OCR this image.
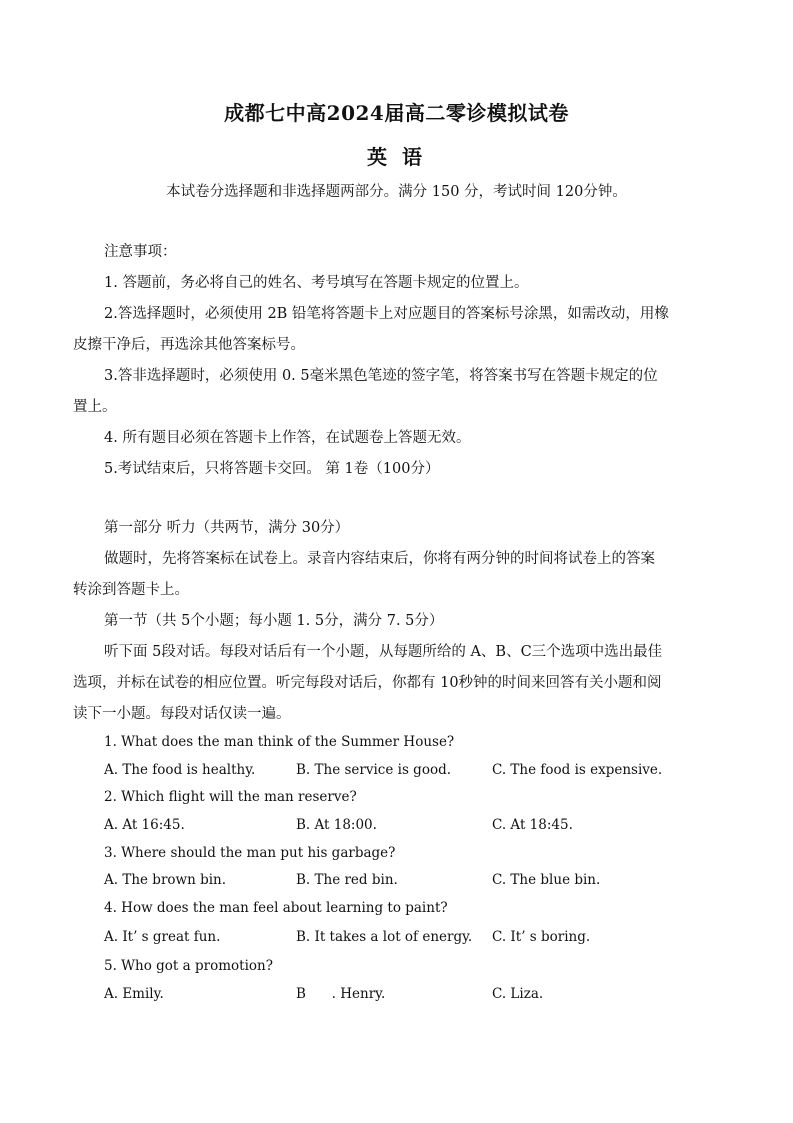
成都七中高2024届高二零诊模拟试卷
英 语
本试卷分选择题和非选择题两部分。满分 150 分，考试时间 120分钟。
注意事项：
1. 答题前，务必将自己的姓名、考号填写在答题卡规定的位置上。
2.答选择题时，必须使用 2B 铅笔将答题卡上对应题目的答案标号涂黑，如需改动，用橡
皮擦干净后，再选涂其他答案标号。
3.答非选择题时，必须使用 0. 5毫米黑色笔迹的签字笔，将答案书写在答题卡规定的位
置上。
4. 所有题目必须在答题卡上作答，在试题卷上答题无效。
5.考试结束后，只将答题卡交回。 第 1卷（100分）
第一部分 听力（共两节，满分 30分）
做题时，先将答案标在试卷上。录音内容结束后，你将有两分钟的时间将试卷上的答案
转涂到答题卡上。
第一节（共 5个小题；每小题 1. 5分，满分 7. 5分）
听下面 5段对话。每段对话后有一个小题，从每题所给的 A、B、C三个选项中选出最佳
选项，并标在试卷的相应位置。听完每段对话后，你都有 10秒钟的时间来回答有关小题和阅
读下一小题。每段对话仅读一遍。
1. What does the man think of the Summer House?
A. The food is healthy.	B. The service is good.	C. The food is expensive.
2. Which flight will the man reserve?
A. At 16:45.	B. At 18:00.	C. At 18:45.
3. Where should the man put his garbage?
A. The brown bin.	B. The red bin.	C. The blue bin.
4. How does the man feel about learning to paint?
A. It’ s great fun.	B. It takes a lot of energy. C. It’ s boring.
5. Who got a promotion?
A. Emily.	B      . Henry.	C. Liza.
